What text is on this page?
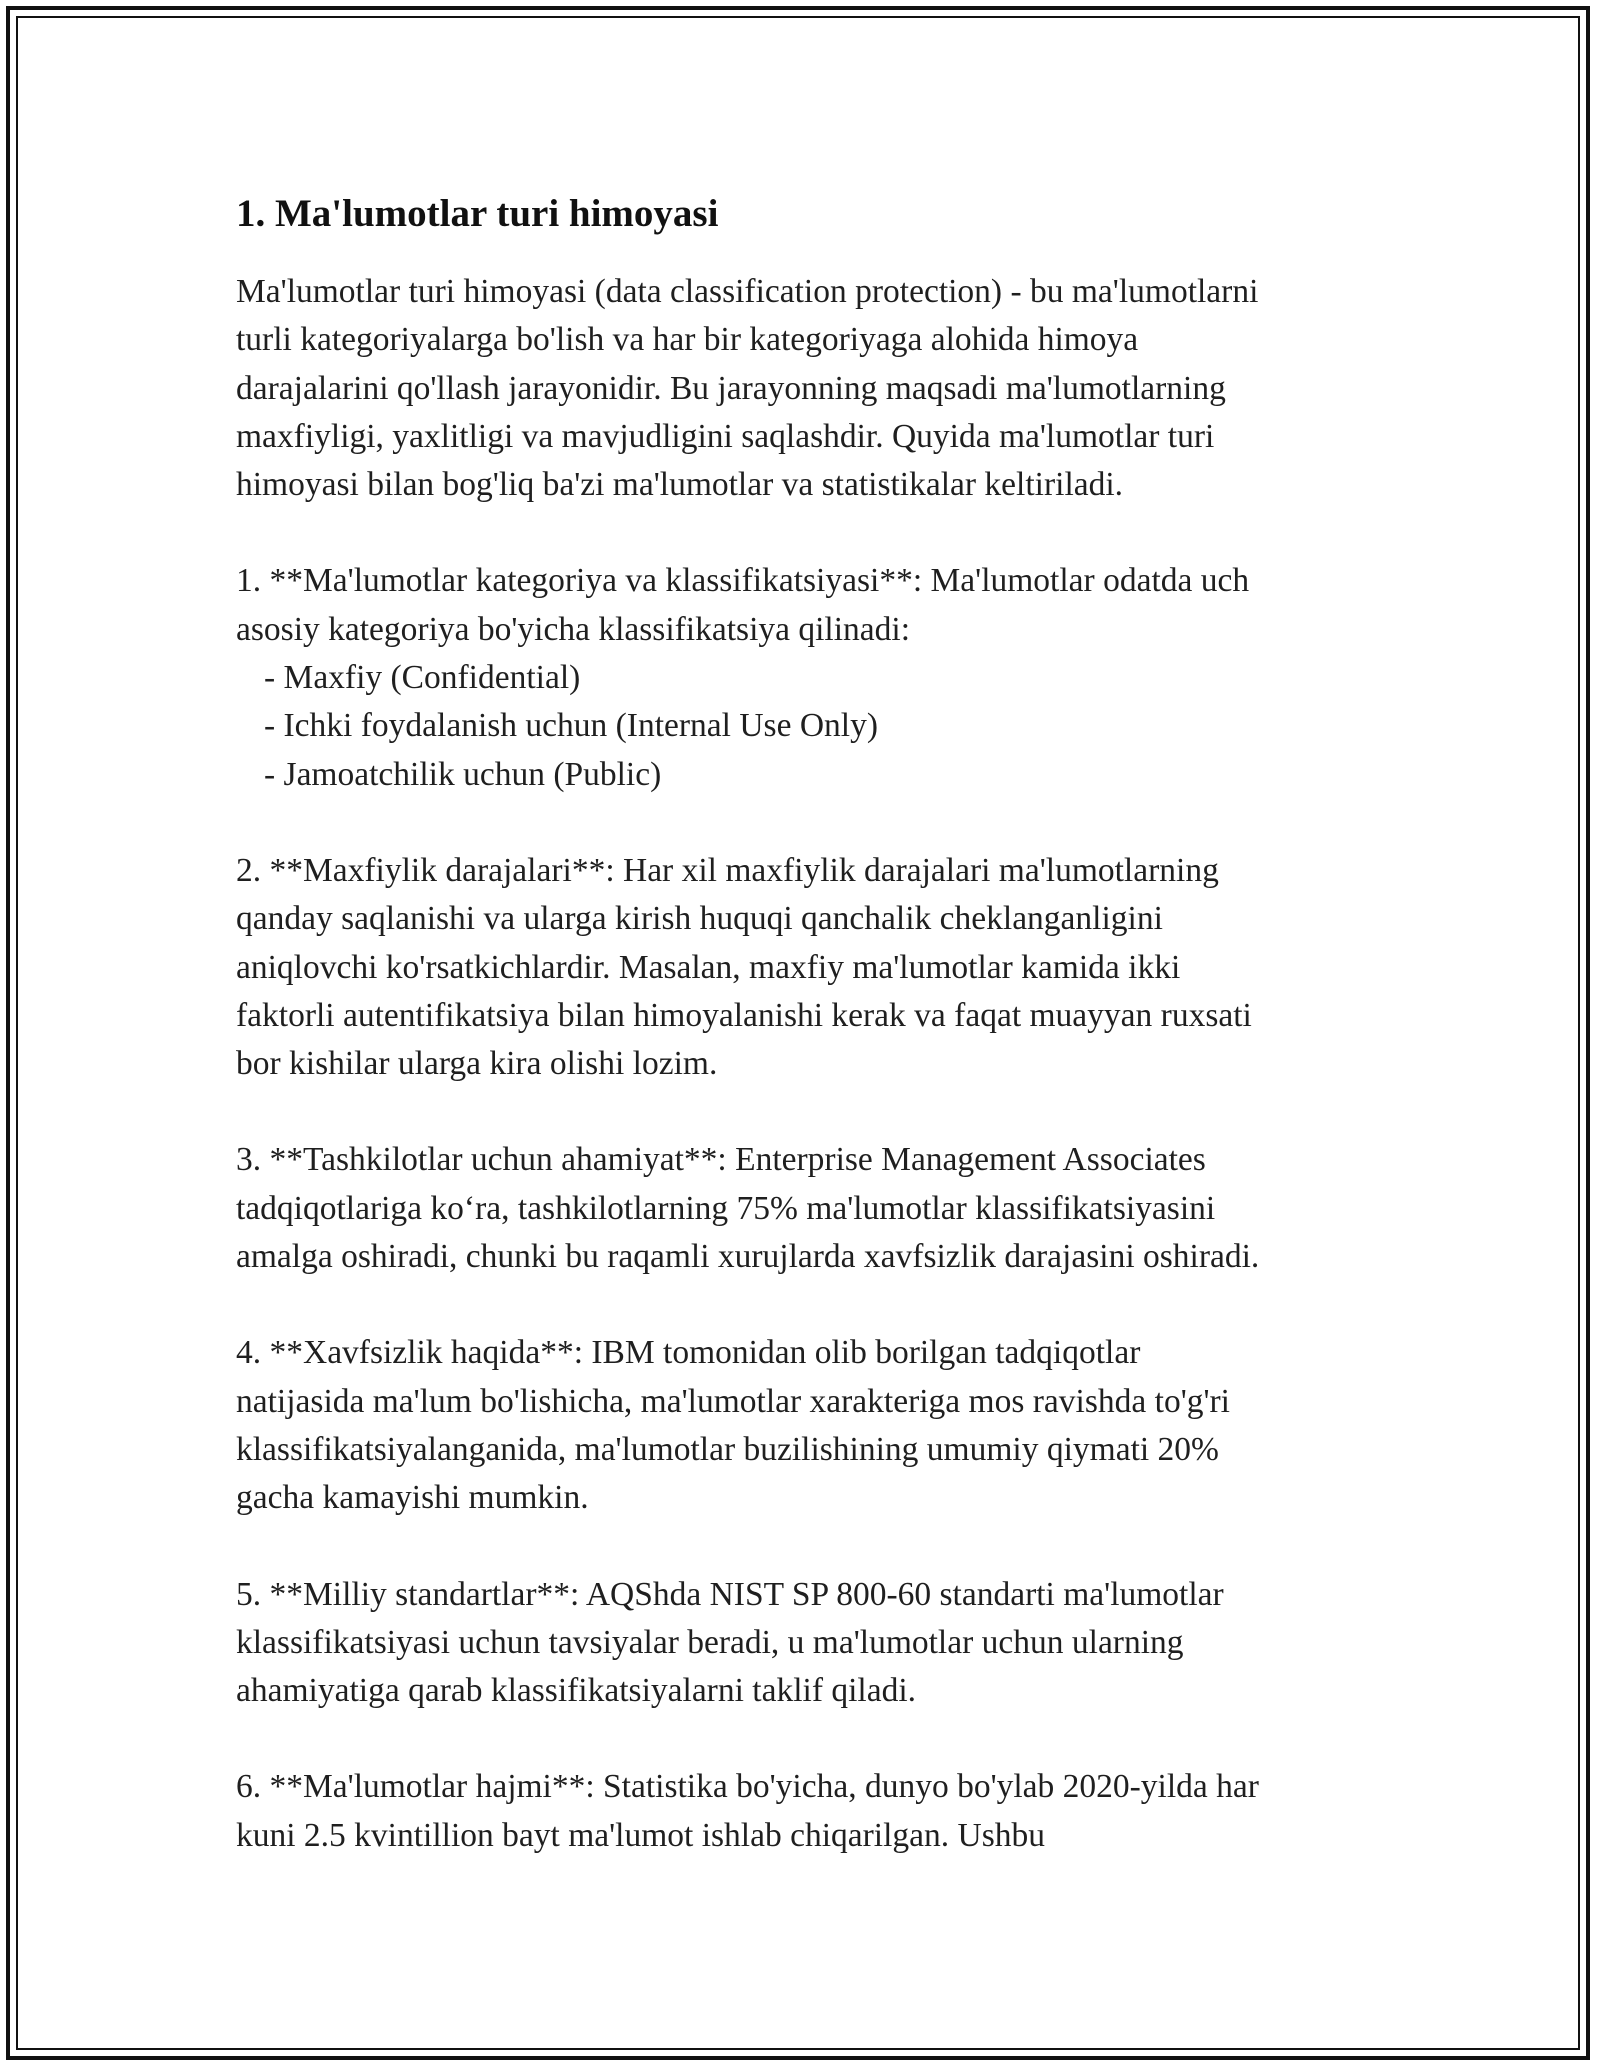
1. Ma'lumotlar turi himoyasi

Ma'lumotlar turi himoyasi (data classification protection) - bu ma'lumotlarni
turli kategoriyalarga bo'lish va har bir kategoriyaga alohida himoya
darajalarini qo'llash jarayonidir. Bu jarayonning maqsadi ma'lumotlarning
maxfiyligi, yaxlitligi va mavjudligini saqlashdir. Quyida ma'lumotlar turi
himoyasi bilan bog'liq ba'zi ma'lumotlar va statistikalar keltiriladi.

1. **Ma'lumotlar kategoriya va klassifikatsiyasi**: Ma'lumotlar odatda uch
asosiy kategoriya bo'yicha klassifikatsiya qilinadi:

- Maxfiy (Confidential)
- Ichki foydalanish uchun (Internal Use Only)
- Jamoatchilik uchun (Public)

2. **Maxfiylik darajalari**: Har xil maxfiylik darajalari ma'lumotlarning
qanday saqlanishi va ularga kirish huquqi qanchalik cheklanganligini
aniqlovchi ko'rsatkichlardir. Masalan, maxfiy ma'lumotlar kamida ikki
faktorli autentifikatsiya bilan himoyalanishi kerak va faqat muayyan ruxsati
bor kishilar ularga kira olishi lozim.

3. **Tashkilotlar uchun ahamiyat**: Enterprise Management Associates
tadqiqotlariga koʻra, tashkilotlarning 75% ma'lumotlar klassifikatsiyasini
amalga oshiradi, chunki bu raqamli xurujlarda xavfsizlik darajasini oshiradi.

4. **Xavfsizlik haqida**: IBM tomonidan olib borilgan tadqiqotlar
natijasida ma'lum bo'lishicha, ma'lumotlar xarakteriga mos ravishda to'g'ri
klassifikatsiyalanganida, ma'lumotlar buzilishining umumiy qiymati 20%
gacha kamayishi mumkin.

5. **Milliy standartlar**: AQShda NIST SP 800-60 standarti ma'lumotlar
klassifikatsiyasi uchun tavsiyalar beradi, u ma'lumotlar uchun ularning
ahamiyatiga qarab klassifikatsiyalarni taklif qiladi.

6. **Ma'lumotlar hajmi**: Statistika bo'yicha, dunyo bo'ylab 2020-yilda har
kuni 2.5 kvintillion bayt ma'lumot ishlab chiqarilgan. Ushbu
